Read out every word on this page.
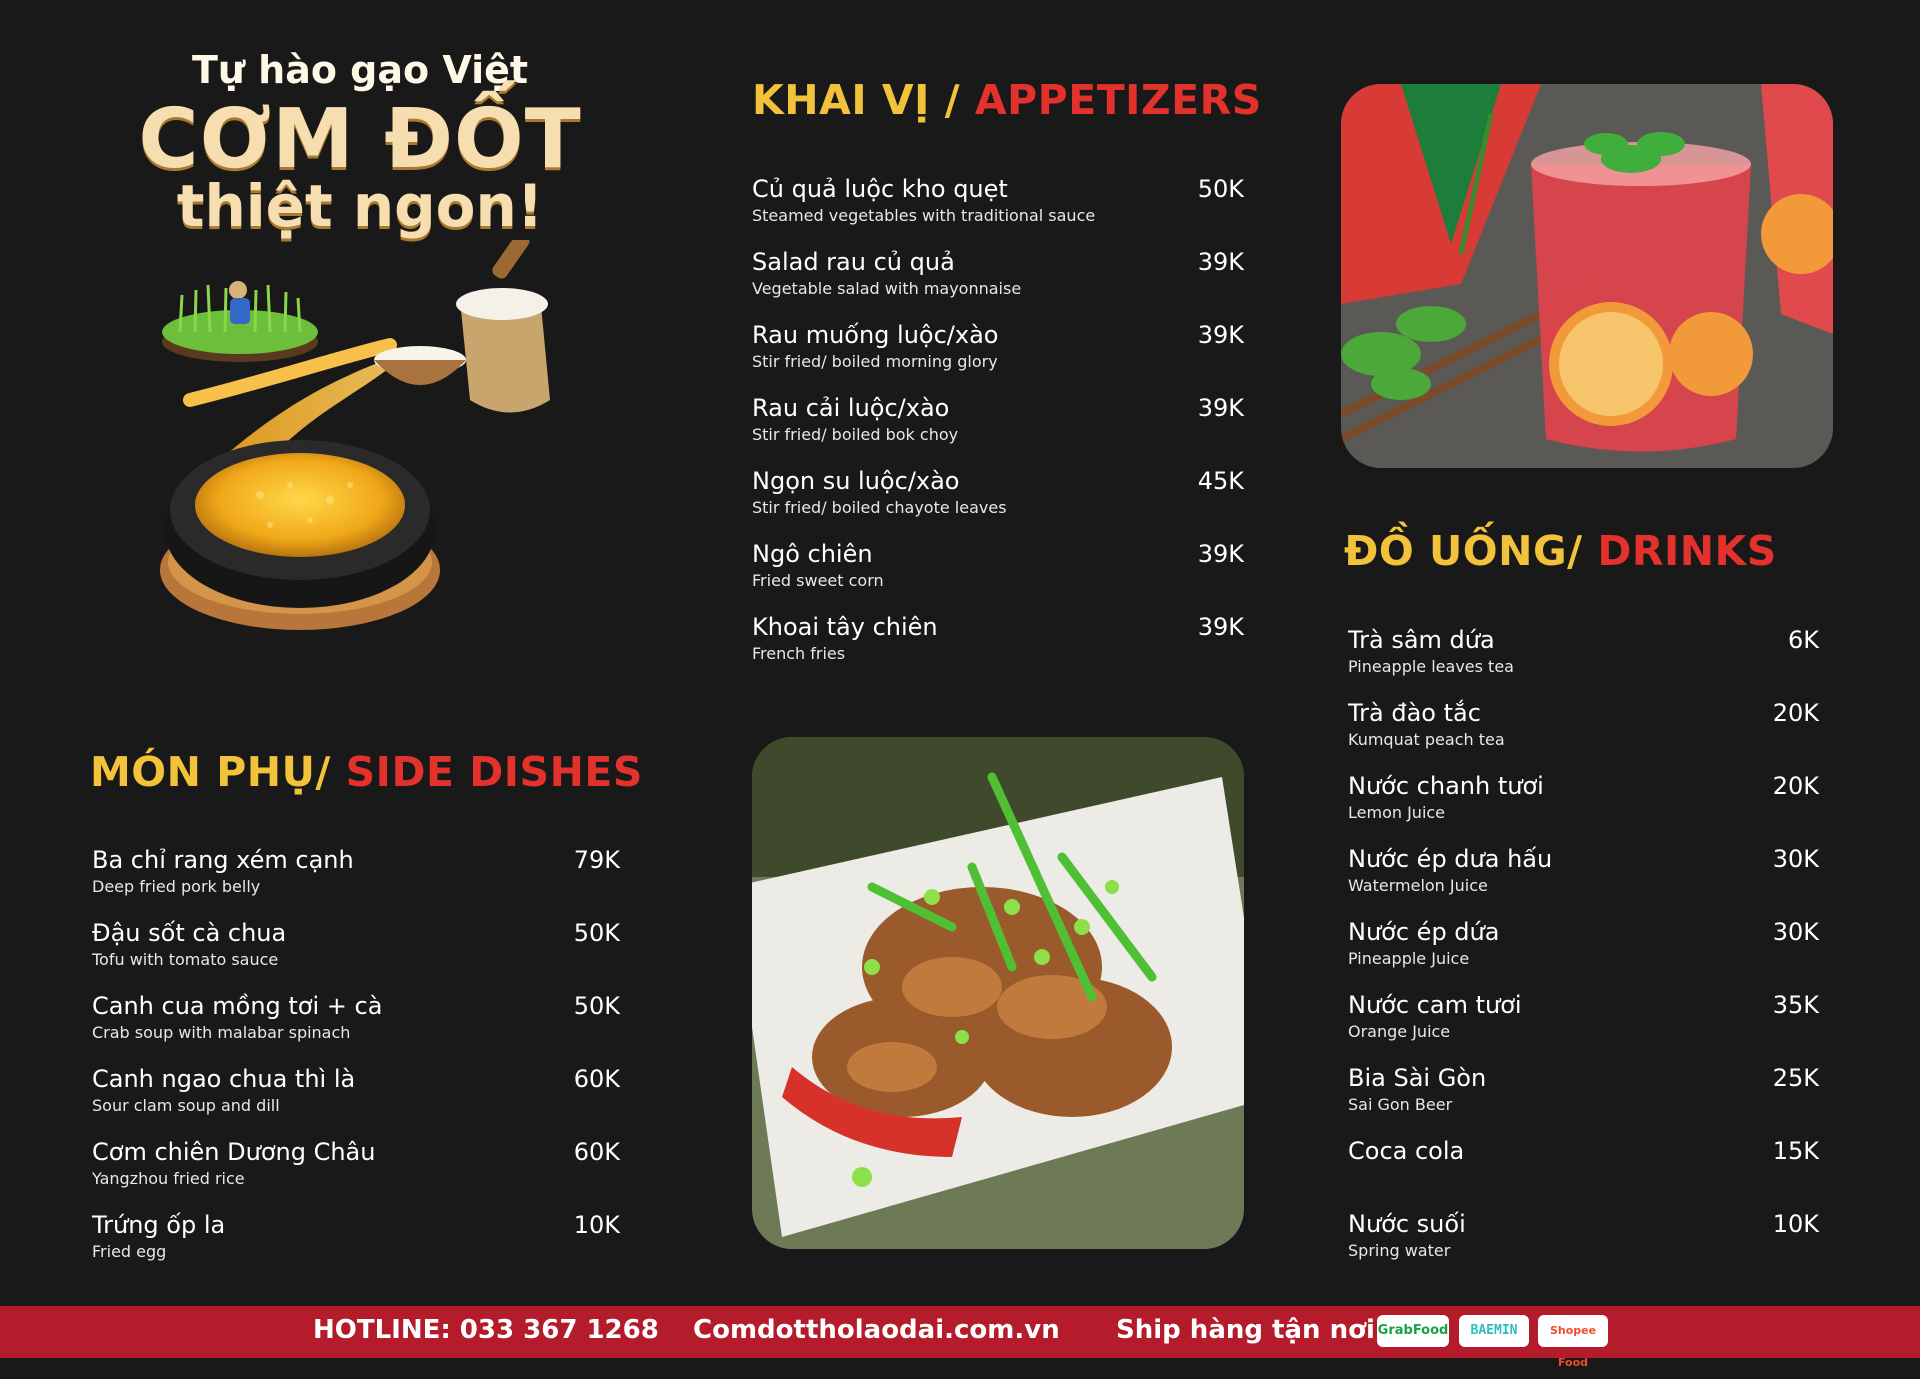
Tự hào gạo Việt
CƠM ĐỐT
thiệt ngon!
KHAI VỊ / APPETIZERS
Củ quả luộc kho quẹt
Steamed vegetables with traditional sauce
50K
Salad rau củ quả
Vegetable salad with mayonnaise
39K
Rau muống luộc/xào
Stir fried/ boiled morning glory
39K
Rau cải luộc/xào
Stir fried/ boiled bok choy
39K
Ngọn su luộc/xào
Stir fried/ boiled chayote leaves
45K
Ngô chiên
Fried sweet corn
39K
Khoai tây chiên
French fries
39K
MÓN PHỤ/ SIDE DISHES
Ba chỉ rang xém cạnh
Deep fried pork belly
79K
Đậu sốt cà chua
Tofu with tomato sauce
50K
Canh cua mồng tơi + cà
Crab soup with malabar spinach
50K
Canh ngao chua thì là
Sour clam soup and dill
60K
Cơm chiên Dương Châu
Yangzhou fried rice
60K
Trứng ốp la
Fried egg
10K
ĐỒ UỐNG/ DRINKS
Trà sâm dứa
Pineapple leaves tea
6K
Trà đào tắc
Kumquat peach tea
20K
Nước chanh tươi
Lemon Juice
20K
Nước ép dưa hấu
Watermelon Juice
30K
Nước ép dứa
Pineapple Juice
30K
Nước cam tươi
Orange Juice
35K
Bia Sài Gòn
Sai Gon Beer
25K
Coca cola	15K
Nước suối
Spring water
10K
HOTLINE: 033 367 1268 Comdottholaodai.com.vn Ship hàng tận nơi GrabFood	BAEMIN	Shopee Food
